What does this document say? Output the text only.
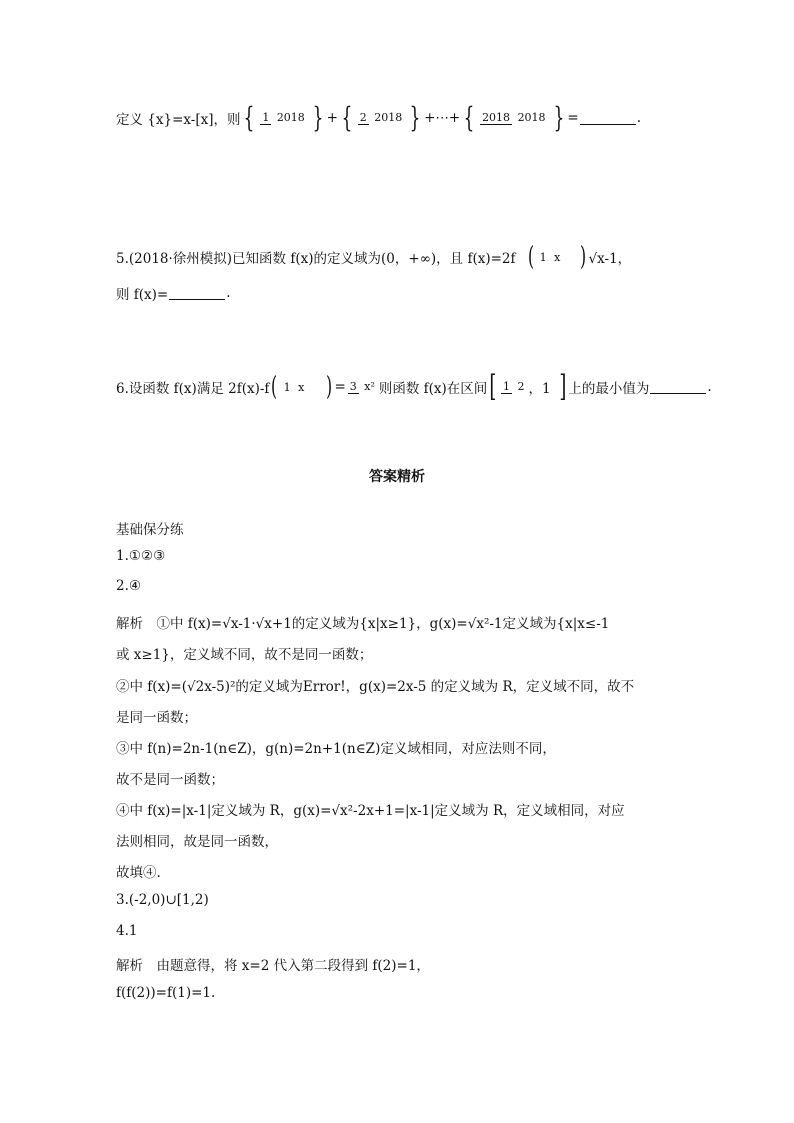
定义 {x}=x-[x]，则 { 1 2018 } + { 2 2018 } +⋯+ { 2018 2018 } =	.
5.(2018·徐州模拟)已知函数 f(x)的定义域为(0，+∞)，且 f(x)=2f ( 1 x ) √x-1，
则 f(x)=	.
6.设函数 f(x)满足 2f(x)-f ( 1 x ) = 3 x² 则函数 f(x)在区间 [ 1 2 ，1 ] 上的最小值为	.
答案精析
基础保分练
1.①②③
2.④
解析　①中 f(x)=√x-1·√x+1的定义域为{x|x≥1}，g(x)=√x²-1定义域为{x|x≤-1
或 x≥1}，定义域不同，故不是同一函数；
②中 f(x)=(√2x-5)²的定义域为Error!，g(x)=2x-5 的定义域为 R，定义域不同，故不
是同一函数；
③中 f(n)=2n-1(n∈Z)，g(n)=2n+1(n∈Z)定义域相同，对应法则不同，
故不是同一函数；
④中 f(x)=|x-1|定义域为 R，g(x)=√x²-2x+1=|x-1|定义域为 R，定义域相同，对应
法则相同，故是同一函数，
故填④.
3.(-2,0)∪[1,2)
4.1
解析　由题意得，将 x=2 代入第二段得到 f(2)=1，
f(f(2))=f(1)=1.
